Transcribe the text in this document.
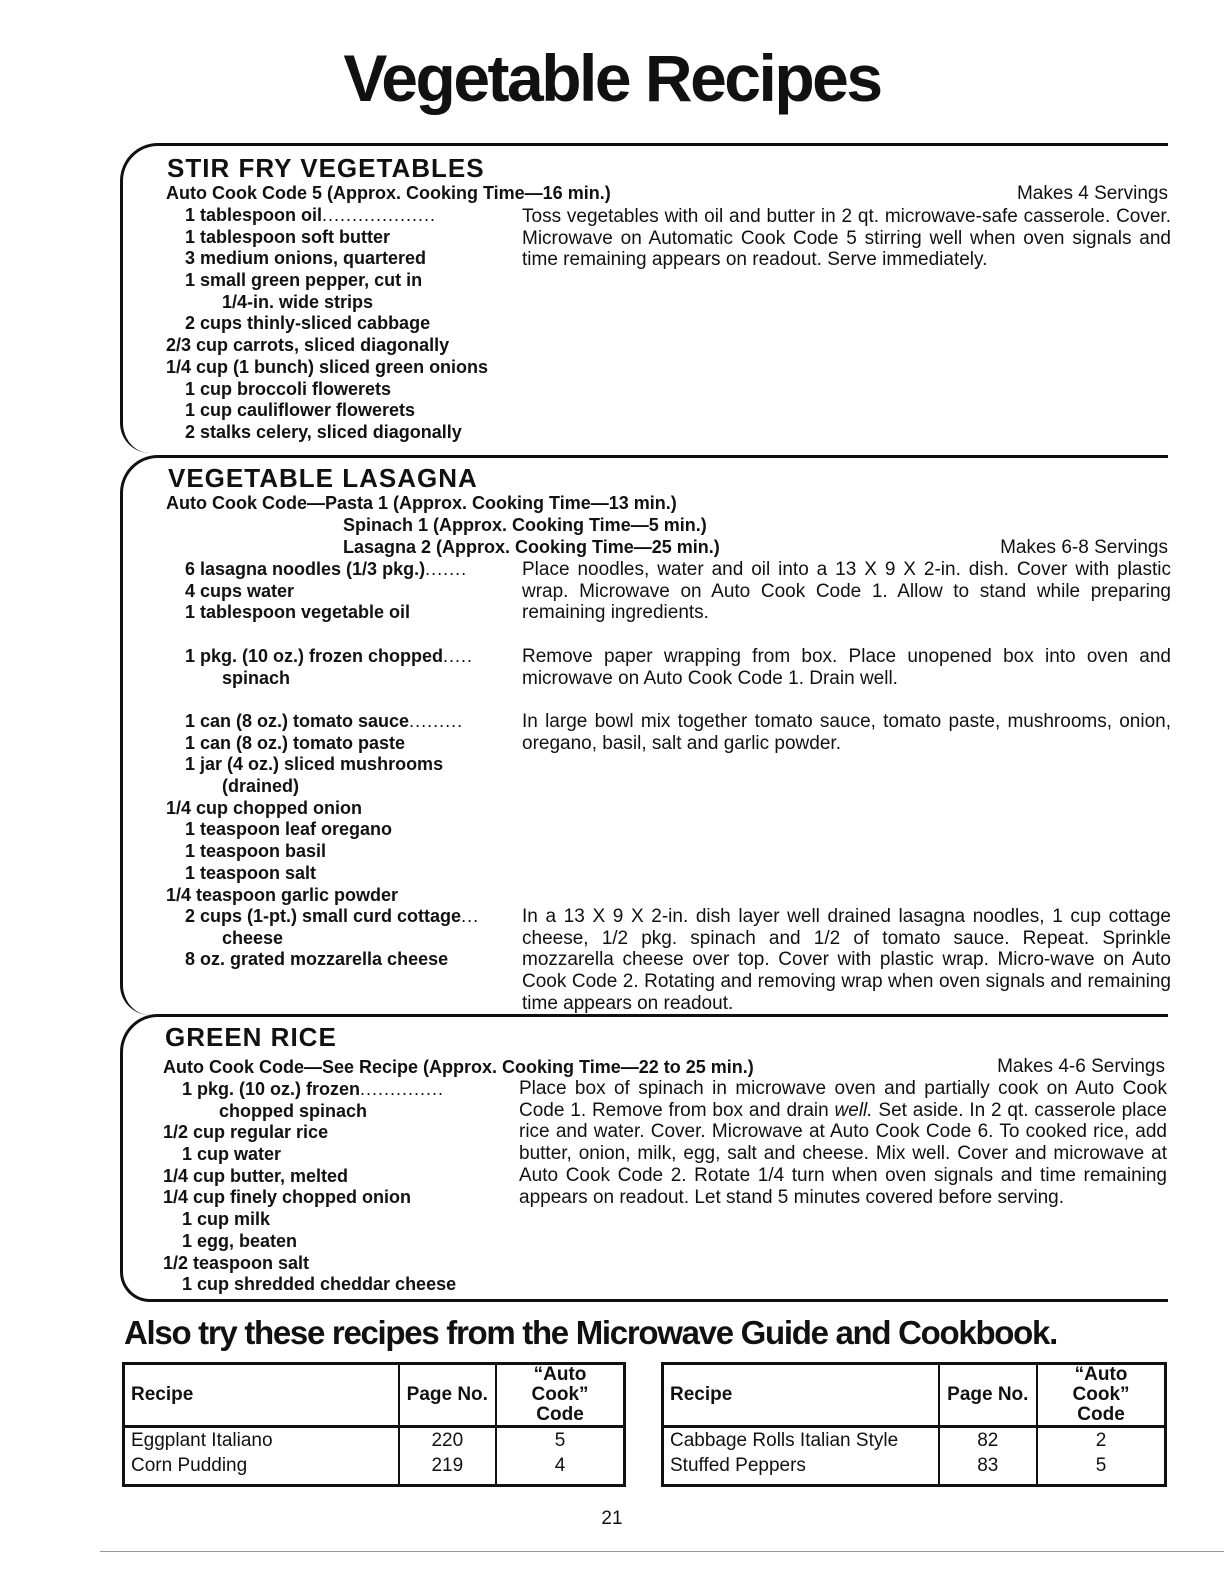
Vegetable Recipes
STIR FRY VEGETABLES
Auto Cook Code 5 (Approx. Cooking Time—16 min.)	Makes 4 Servings
1 tablespoon oil...................
1 tablespoon soft butter
3 medium onions, quartered
1 small green pepper, cut in
1/4-in. wide strips
2 cups thinly-sliced cabbage
2/3 cup carrots, sliced diagonally
1/4 cup (1 bunch) sliced green onions
1 cup broccoli flowerets
1 cup cauliflower flowerets
2 stalks celery, sliced diagonally

Toss vegetables with oil and butter in 2 qt. microwave-safe casserole. Cover. Microwave on Automatic Cook Code 5 stirring well when oven signals and time remaining appears on readout. Serve immediately.

VEGETABLE LASAGNA
Auto Cook Code—Pasta 1 (Approx. Cooking Time—13 min.)
Spinach 1 (Approx. Cooking Time—5 min.)
Lasagna 2 (Approx. Cooking Time—25 min.)	Makes 6-8 Servings
6 lasagna noodles (1/3 pkg.).......
4 cups water
1 tablespoon vegetable oil

Place noodles, water and oil into a 13 X 9 X 2-in. dish. Cover with plastic wrap. Microwave on Auto Cook Code 1. Allow to stand while preparing remaining ingredients.

1 pkg. (10 oz.) frozen chopped.....
spinach

Remove paper wrapping from box. Place unopened box into oven and microwave on Auto Cook Code 1. Drain well.

1 can (8 oz.) tomato sauce.........
1 can (8 oz.) tomato paste
1 jar (4 oz.) sliced mushrooms
(drained)
1/4 cup chopped onion
1 teaspoon leaf oregano
1 teaspoon basil
1 teaspoon salt
1/4 teaspoon garlic powder

In large bowl mix together tomato sauce, tomato paste, mushrooms, onion, oregano, basil, salt and garlic powder.

2 cups (1-pt.) small curd cottage...
cheese
8 oz. grated mozzarella cheese

In a 13 X 9 X 2-in. dish layer well drained lasagna noodles, 1 cup cottage cheese, 1/2 pkg. spinach and 1/2 of tomato sauce. Repeat. Sprinkle mozzarella cheese over top. Cover with plastic wrap. Micro-wave on Auto Cook Code 2. Rotating and removing wrap when oven signals and remaining time appears on readout.

GREEN RICE
Auto Cook Code—See Recipe (Approx. Cooking Time—22 to 25 min.)	Makes 4-6 Servings
1 pkg. (10 oz.) frozen..............
chopped spinach
1/2 cup regular rice
1 cup water
1/4 cup butter, melted
1/4 cup finely chopped onion
1 cup milk
1 egg, beaten
1/2 teaspoon salt
1 cup shredded cheddar cheese

Place box of spinach in microwave oven and partially cook on Auto Cook Code 1. Remove from box and drain well. Set aside. In 2 qt. casserole place rice and water. Cover. Microwave at Auto Cook Code 6. To cooked rice, add butter, onion, milk, egg, salt and cheese. Mix well. Cover and microwave at Auto Cook Code 2. Rotate 1/4 turn when oven signals and time remaining appears on readout. Let stand 5 minutes covered before serving.

Also try these recipes from the Microwave Guide and Cookbook.
Recipe	Page No.	“Auto Cook”
Code
Eggplant Italiano	220	5
Corn Pudding	219	4
Recipe	Page No.	“Auto Cook”
Code
Cabbage Rolls Italian Style	82	2
Stuffed Peppers	83	5
21
